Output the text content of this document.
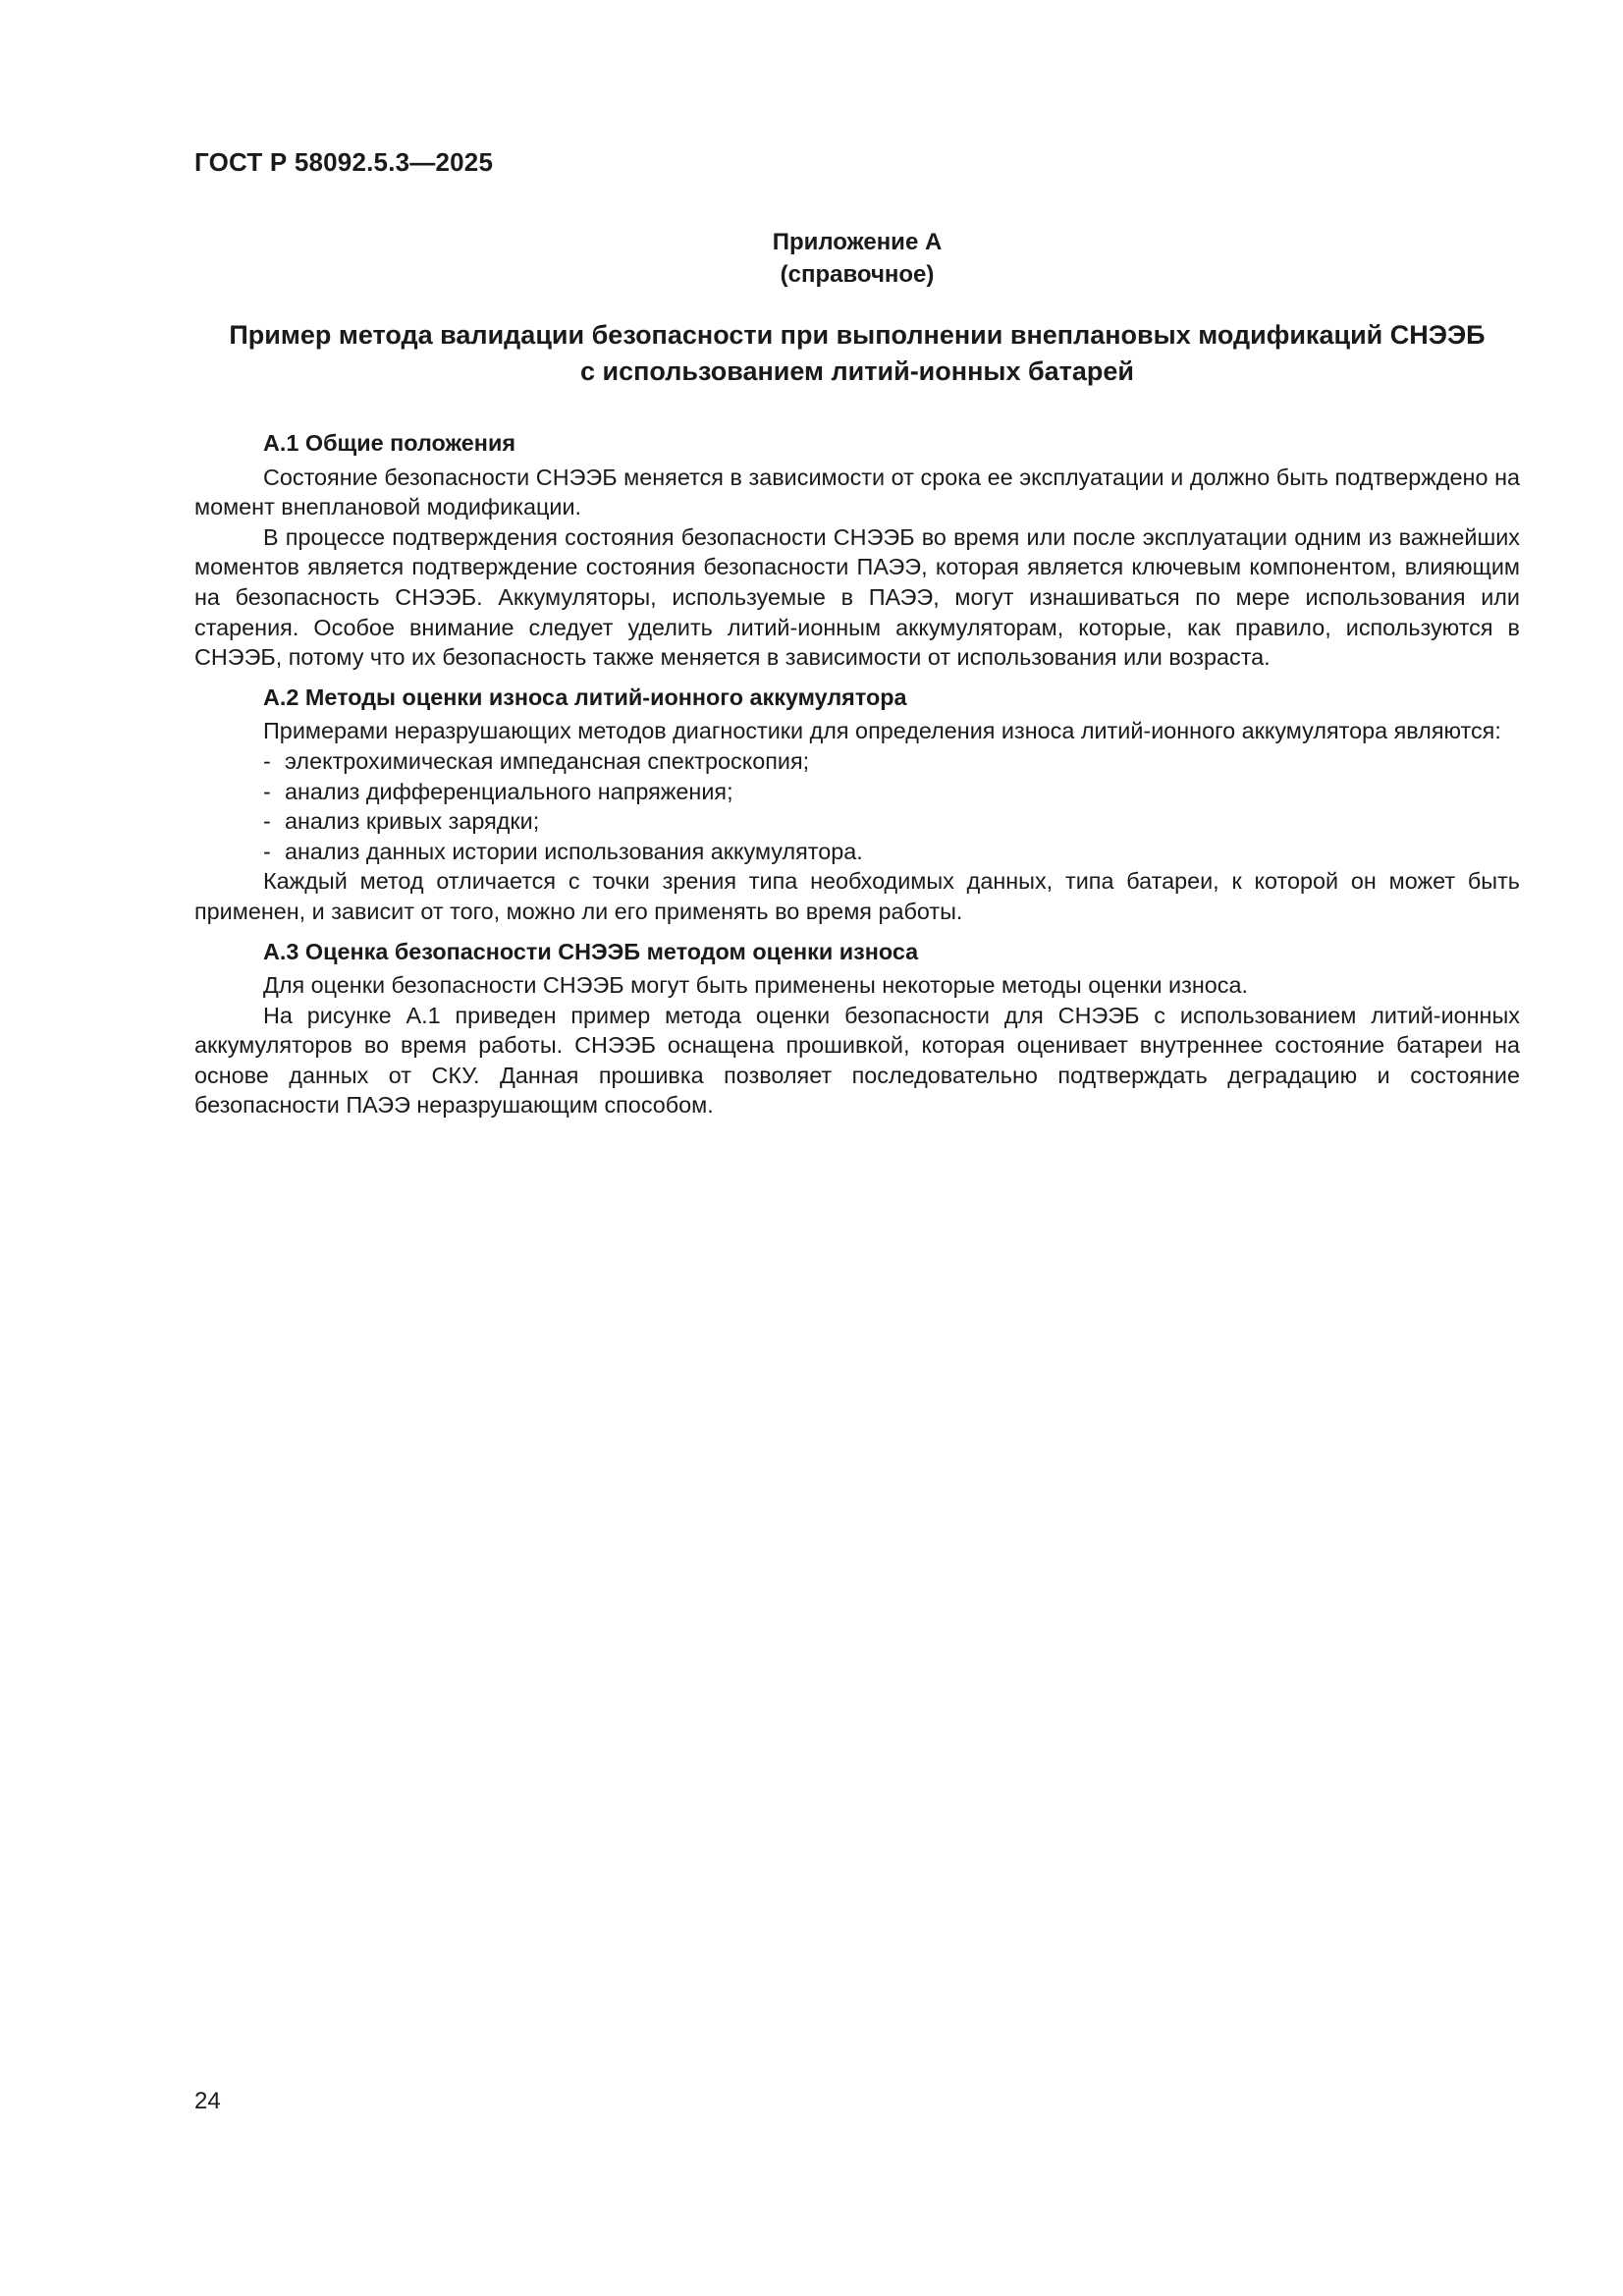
ГОСТ Р 58092.5.3—2025
Приложение А
(справочное)
Пример метода валидации безопасности при выполнении внеплановых модификаций СНЭЭБ
с использованием литий-ионных батарей

А.1 Общие положения

Состояние безопасности СНЭЭБ меняется в зависимости от срока ее эксплуатации и должно быть подтверждено на момент внеплановой модификации.

В процессе подтверждения состояния безопасности СНЭЭБ во время или после эксплуатации одним из важнейших моментов является подтверждение состояния безопасности ПАЭЭ, которая является ключевым компонентом, влияющим на безопасность СНЭЭБ. Аккумуляторы, используемые в ПАЭЭ, могут изнашиваться по мере использования или старения. Особое внимание следует уделить литий-ионным аккумуляторам, которые, как правило, используются в СНЭЭБ, потому что их безопасность также меняется в зависимости от использования или возраста.

А.2 Методы оценки износа литий-ионного аккумулятора

Примерами неразрушающих методов диагностики для определения износа литий-ионного аккумулятора являются:

- электрохимическая импедансная спектроскопия;
- анализ дифференциального напряжения;
- анализ кривых зарядки;
- анализ данных истории использования аккумулятора.

Каждый метод отличается с точки зрения типа необходимых данных, типа батареи, к которой он может быть применен, и зависит от того, можно ли его применять во время работы.

А.3 Оценка безопасности СНЭЭБ методом оценки износа

Для оценки безопасности СНЭЭБ могут быть применены некоторые методы оценки износа.

На рисунке А.1 приведен пример метода оценки безопасности для СНЭЭБ с использованием литий-ионных аккумуляторов во время работы. СНЭЭБ оснащена прошивкой, которая оценивает внутреннее состояние батареи на основе данных от СКУ. Данная прошивка позволяет последовательно подтверждать деградацию и состояние безопасности ПАЭЭ неразрушающим способом.

24
